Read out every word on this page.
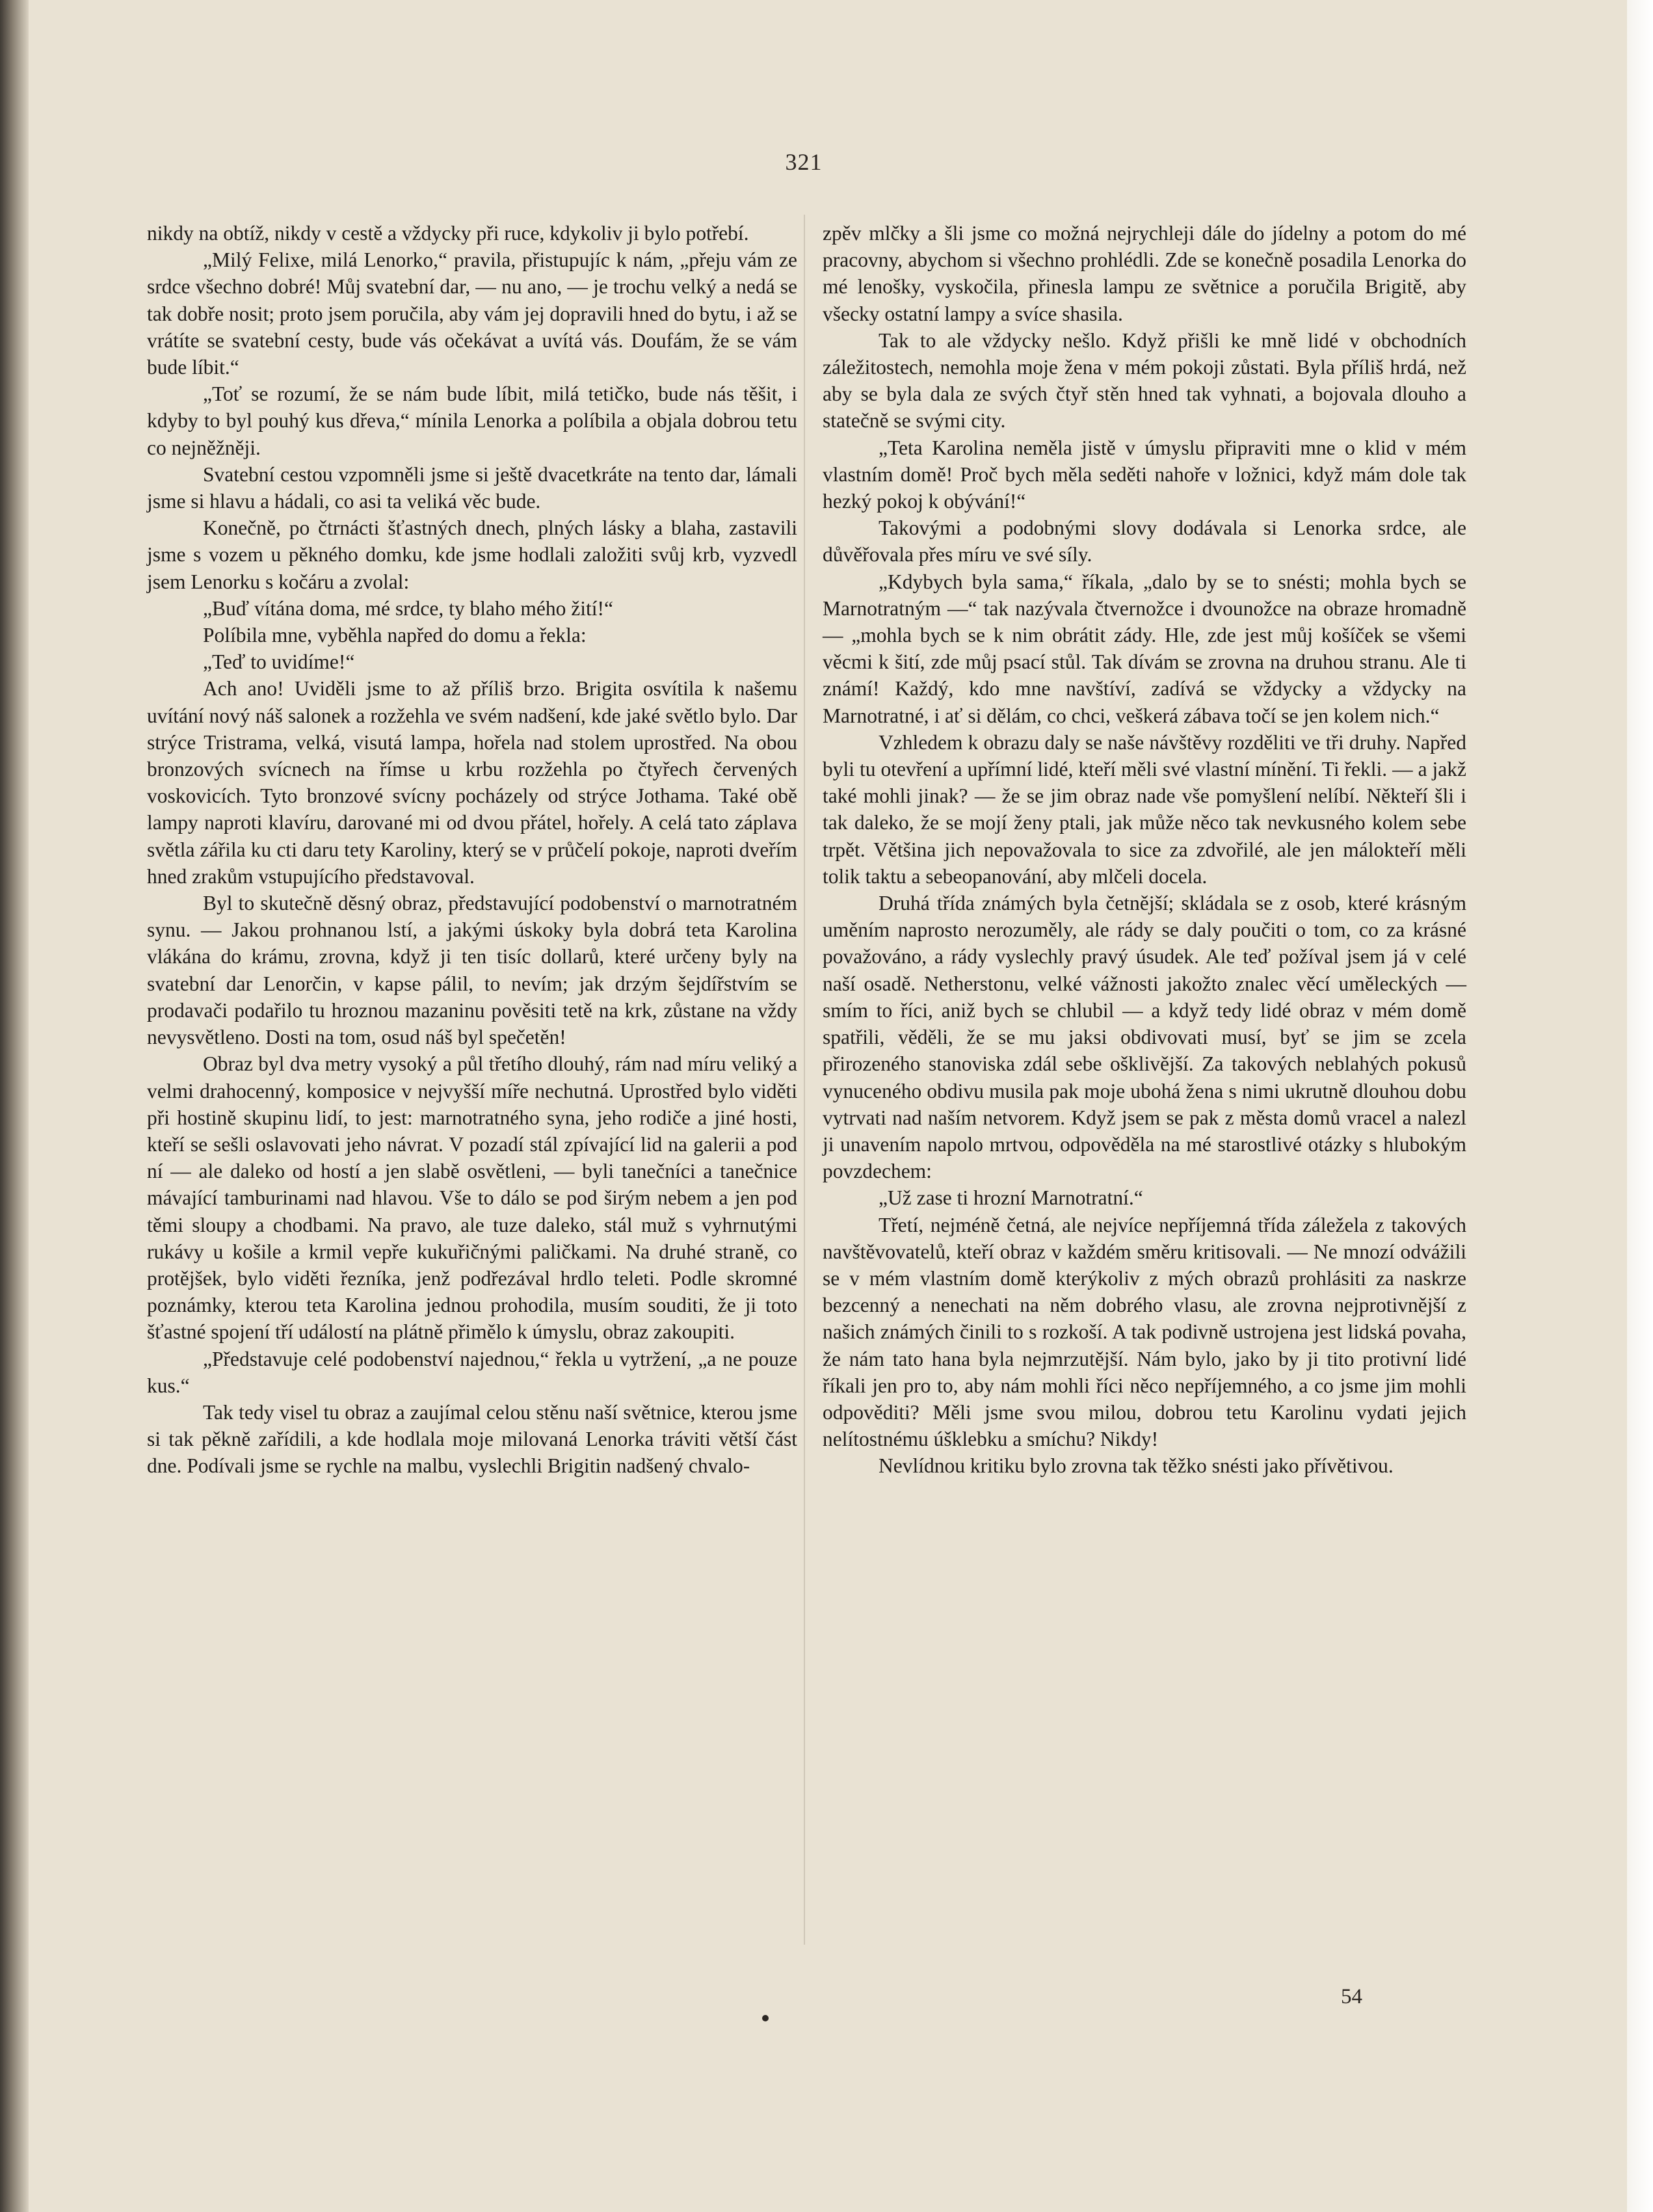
321

nikdy na obtíž, nikdy v cestě a vždycky při ruce, kdykoliv ji bylo potřebí.

„Milý Felixe, milá Lenorko,“ pravila, přistupujíc k nám, „přeju vám ze srdce všechno dobré! Můj svatební dar, — nu ano, — je trochu velký a nedá se tak dobře nosit; proto jsem poručila, aby vám jej dopravili hned do bytu, i až se vrátíte se svatební cesty, bude vás očekávat a uvítá vás. Doufám, že se vám bude líbit.“

„Toť se rozumí, že se nám bude líbit, milá tetičko, bude nás těšit, i kdyby to byl pouhý kus dřeva,“ mínila Lenorka a políbila a objala dobrou tetu co nejněžněji.

Svatební cestou vzpomněli jsme si ještě dvacetkráte na tento dar, lámali jsme si hlavu a hádali, co asi ta veliká věc bude.

Konečně, po čtrnácti šťastných dnech, plných lásky a blaha, zastavili jsme s vozem u pěkného domku, kde jsme hodlali založiti svůj krb, vyzvedl jsem Lenorku s kočáru a zvolal:

„Buď vítána doma, mé srdce, ty blaho mého žití!“

Políbila mne, vyběhla napřed do domu a řekla:

„Teď to uvidíme!“

Ach ano! Uviděli jsme to až příliš brzo. Brigita osvítila k našemu uvítání nový náš salonek a rozžehla ve svém nadšení, kde jaké světlo bylo. Dar strýce Tristrama, velká, visutá lampa, hořela nad stolem uprostřed. Na obou bronzových svícnech na římse u krbu rozžehla po čtyřech červených voskovicích. Tyto bronzové svícny pocházely od strýce Jothama. Také obě lampy naproti klavíru, darované mi od dvou přátel, hořely. A celá tato záplava světla zářila ku cti daru tety Karoliny, který se v průčelí pokoje, naproti dveřím hned zrakům vstupujícího představoval.

Byl to skutečně děsný obraz, představující podobenství o marnotratném synu. — Jakou prohnanou lstí, a jakými úskoky byla dobrá teta Karolina vlákána do krámu, zrovna, když ji ten tisíc dollarů, které určeny byly na svatební dar Lenorčin, v kapse pálil, to nevím; jak drzým šejdířstvím se prodavači podařilo tu hroznou mazaninu pověsiti tetě na krk, zůstane na vždy nevysvětleno. Dosti na tom, osud náš byl spečetěn!

Obraz byl dva metry vysoký a půl třetího dlouhý, rám nad míru veliký a velmi drahocenný, komposice v nejvyšší míře nechutná. Uprostřed bylo viděti při hostině skupinu lidí, to jest: marnotratného syna, jeho rodiče a jiné hosti, kteří se sešli oslavovati jeho návrat. V pozadí stál zpívající lid na galerii a pod ní — ale daleko od hostí a jen slabě osvětleni, — byli tanečníci a tanečnice mávající tamburinami nad hlavou. Vše to dálo se pod širým nebem a jen pod těmi sloupy a chodbami. Na pravo, ale tuze daleko, stál muž s vyhrnutými rukávy u košile a krmil vepře kukuřičnými paličkami. Na druhé straně, co protějšek, bylo viděti řezníka, jenž podřezával hrdlo teleti. Podle skromné poznámky, kterou teta Karolina jednou prohodila, musím souditi, že ji toto šťastné spojení tří událostí na plátně přimělo k úmyslu, obraz zakoupiti.

„Představuje celé podobenství najednou,“ řekla u vytržení, „a ne pouze kus.“

Tak tedy visel tu obraz a zaujímal celou stěnu naší světnice, kterou jsme si tak pěkně zařídili, a kde hodlala moje milovaná Lenorka tráviti větší část dne. Podívali jsme se rychle na malbu, vyslechli Brigitin nadšený chvalo-

zpěv mlčky a šli jsme co možná nejrychleji dále do jídelny a potom do mé pracovny, abychom si všechno prohlédli. Zde se konečně posadila Lenorka do mé lenošky, vyskočila, přinesla lampu ze světnice a poručila Brigitě, aby všecky ostatní lampy a svíce shasila.

Tak to ale vždycky nešlo. Když přišli ke mně lidé v obchodních záležitostech, nemohla moje žena v mém pokoji zůstati. Byla příliš hrdá, než aby se byla dala ze svých čtyř stěn hned tak vyhnati, a bojovala dlouho a statečně se svými city.

„Teta Karolina neměla jistě v úmyslu připraviti mne o klid v mém vlastním domě! Proč bych měla seděti nahoře v ložnici, když mám dole tak hezký pokoj k obývání!“

Takovými a podobnými slovy dodávala si Lenorka srdce, ale důvěřovala přes míru ve své síly.

„Kdybych byla sama,“ říkala, „dalo by se to snésti; mohla bych se Marnotratným —“ tak nazývala čtvernožce i dvounožce na obraze hromadně — „mohla bych se k nim obrátit zády. Hle, zde jest můj košíček se všemi věcmi k šití, zde můj psací stůl. Tak dívám se zrovna na druhou stranu. Ale ti známí! Každý, kdo mne navštíví, zadívá se vždycky a vždycky na Marnotratné, i ať si dělám, co chci, veškerá zábava točí se jen kolem nich.“

Vzhledem k obrazu daly se naše návštěvy rozděliti ve tři druhy. Napřed byli tu otevření a upřímní lidé, kteří měli své vlastní mínění. Ti řekli. — a jakž také mohli jinak? — že se jim obraz nade vše pomyšlení nelíbí. Někteří šli i tak daleko, že se mojí ženy ptali, jak může něco tak nevkusného kolem sebe trpět. Většina jich nepovažovala to sice za zdvořilé, ale jen málokteří měli tolik taktu a sebeopanování, aby mlčeli docela.

Druhá třída známých byla četnější; skládala se z osob, které krásným uměním naprosto nerozuměly, ale rády se daly poučiti o tom, co za krásné považováno, a rády vyslechly pravý úsudek. Ale teď požíval jsem já v celé naší osadě. Netherstonu, velké vážnosti jakožto znalec věcí uměleckých — smím to říci, aniž bych se chlubil — a když tedy lidé obraz v mém domě spatřili, věděli, že se mu jaksi obdivovati musí, byť se jim se zcela přirozeného stanoviska zdál sebe ošklivější. Za takových neblahých pokusů vynuceného obdivu musila pak moje ubohá žena s nimi ukrutně dlouhou dobu vytrvati nad naším netvorem. Když jsem se pak z města domů vracel a nalezl ji unavením napolo mrtvou, odpověděla na mé starostlivé otázky s hlubokým povzdechem:

„Už zase ti hrozní Marnotratní.“

Třetí, nejméně četná, ale nejvíce nepříjemná třída záležela z takových navštěvovatelů, kteří obraz v každém směru kritisovali. — Ne mnozí odvážili se v mém vlastním domě kterýkoliv z mých obrazů prohlásiti za naskrze bezcenný a nenechati na něm dobrého vlasu, ale zrovna nejprotivnější z našich známých činili to s rozkoší. A tak podivně ustrojena jest lidská povaha, že nám tato hana byla nejmrzutější. Nám bylo, jako by ji tito protivní lidé říkali jen pro to, aby nám mohli říci něco nepříjemného, a co jsme jim mohli odpověditi? Měli jsme svou milou, dobrou tetu Karolinu vydati jejich nelítostnému úšklebku a smíchu? Nikdy!

Nevlídnou kritiku bylo zrovna tak těžko snésti jako přívětivou.

54
